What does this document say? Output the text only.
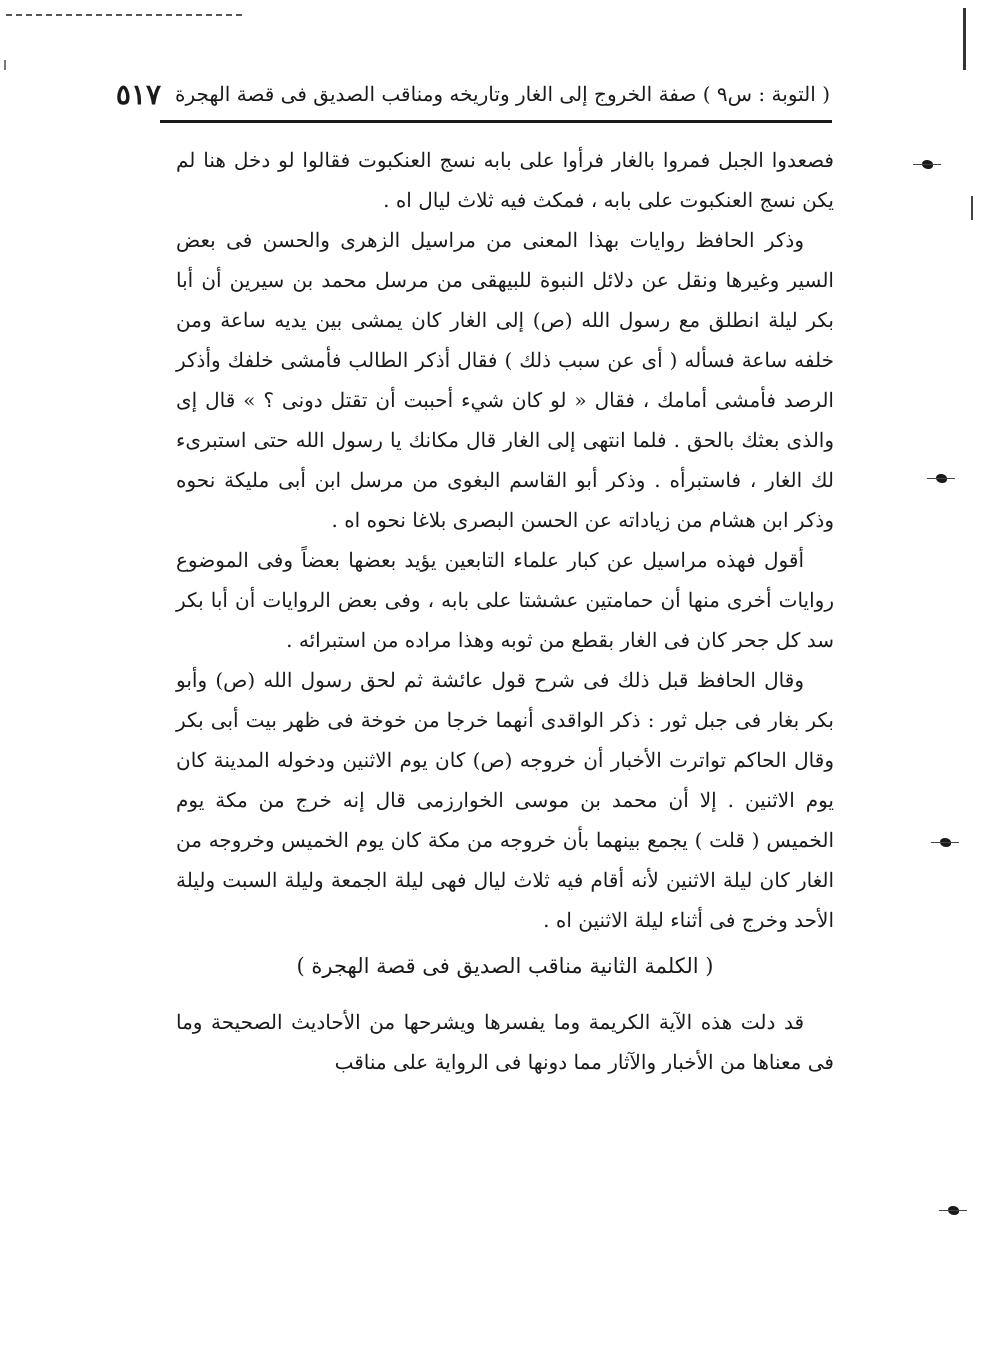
( التوبة : س٩ ) صفة الخروج إلى الغار وتاريخه ومناقب الصديق فى قصة الهجرة
٥١٧

فصعدوا الجبل فمروا بالغار فرأوا على بابه نسج العنكبوت فقالوا لو دخل هنا لم يكن نسج العنكبوت على بابه ، فمكث فيه ثلاث ليال اه .

وذكر الحافظ روايات بهذا المعنى من مراسيل الزهرى والحسن فى بعض السير وغيرها ونقل عن دلائل النبوة للبيهقى من مرسل محمد بن سيرين أن أبا بكر ليلة انطلق مع رسول الله (ص) إلى الغار كان يمشى بين يديه ساعة ومن خلفه ساعة فسأله ( أى عن سبب ذلك ) فقال أذكر الطالب فأمشى خلفك وأذكر الرصد فأمشى أمامك ، فقال « لو كان شيء أحببت أن تقتل دونى ؟ » قال إى والذى بعثك بالحق . فلما انتهى إلى الغار قال مكانك يا رسول الله حتى استبرىء لك الغار ، فاستبرأه . وذكر أبو القاسم البغوى من مرسل ابن أبى مليكة نحوه وذكر ابن هشام من زياداته عن الحسن البصرى بلاغا نحوه اه .

أقول فهذه مراسيل عن كبار علماء التابعين يؤيد بعضها بعضاً وفى الموضوع روايات أخرى منها أن حمامتين عششتا على بابه ، وفى بعض الروايات أن أبا بكر سد كل جحر كان فى الغار بقطع من ثوبه وهذا مراده من استبرائه .

وقال الحافظ قبل ذلك فى شرح قول عائشة ثم لحق رسول الله (ص) وأبو بكر بغار فى جبل ثور : ذكر الواقدى أنهما خرجا من خوخة فى ظهر بيت أبى بكر وقال الحاكم تواترت الأخبار أن خروجه (ص) كان يوم الاثنين ودخوله المدينة كان يوم الاثنين . إلا أن محمد بن موسى الخوارزمى قال إنه خرج من مكة يوم الخميس ( قلت ) يجمع بينهما بأن خروجه من مكة كان يوم الخميس وخروجه من الغار كان ليلة الاثنين لأنه أقام فيه ثلاث ليال فهى ليلة الجمعة وليلة السبت وليلة الأحد وخرج فى أثناء ليلة الاثنين اه .

( الكلمة الثانية مناقب الصديق فى قصة الهجرة )

قد دلت هذه الآية الكريمة وما يفسرها ويشرحها من الأحاديث الصحيحة وما فى معناها من الأخبار والآثار مما دونها فى الرواية على مناقب
